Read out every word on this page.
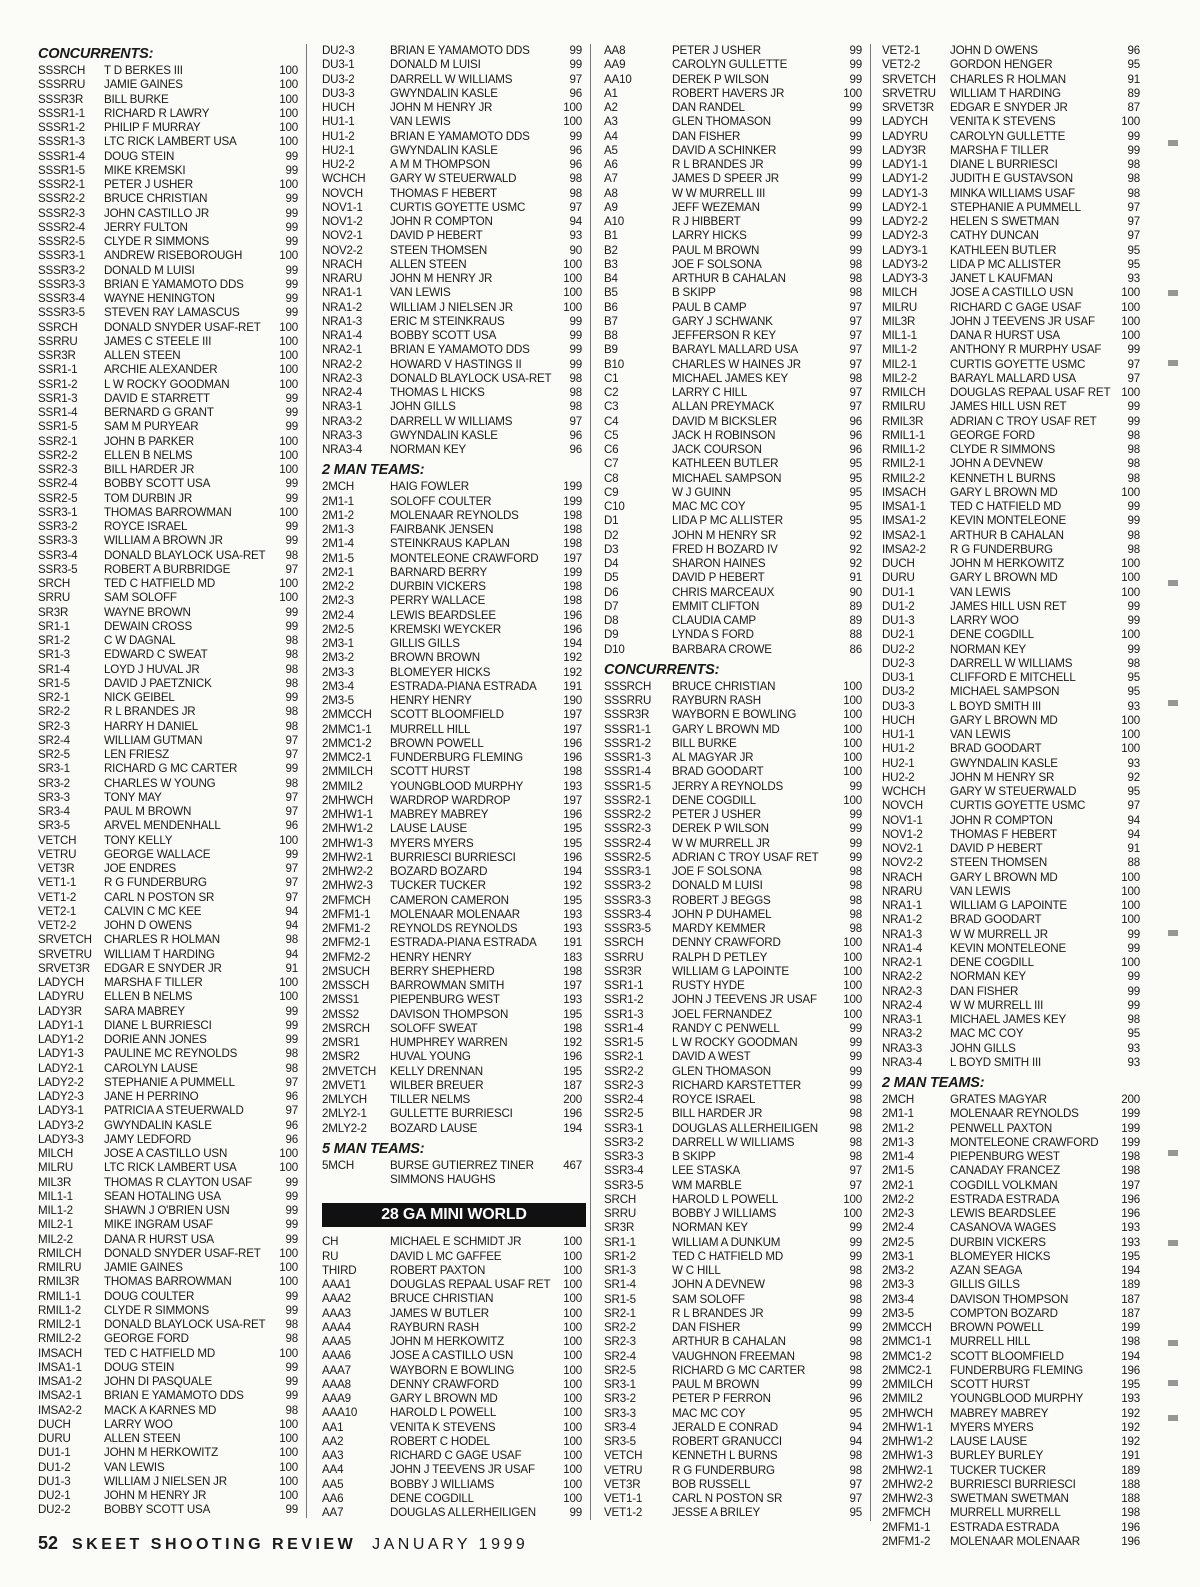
CONCURRENTS:
SSSRCH	T D BERKES III	100
SSSRRU	JAMIE GAINES	100
SSSR3R	BILL BURKE	100
SSSR1-1	RICHARD R LAWRY	100
SSSR1-2	PHILIP F MURRAY	100
SSSR1-3	LTC RICK LAMBERT USA	100
SSSR1-4	DOUG STEIN	99
SSSR1-5	MIKE KREMSKI	99
SSSR2-1	PETER J USHER	100
SSSR2-2	BRUCE CHRISTIAN	99
SSSR2-3	JOHN CASTILLO JR	99
SSSR2-4	JERRY FULTON	99
SSSR2-5	CLYDE R SIMMONS	99
SSSR3-1	ANDREW RISEBOROUGH	100
SSSR3-2	DONALD M LUISI	99
SSSR3-3	BRIAN E YAMAMOTO DDS	99
SSSR3-4	WAYNE HENINGTON	99
SSSR3-5	STEVEN RAY LAMASCUS	99
SSRCH	DONALD SNYDER USAF-RET	100
SSRRU	JAMES C STEELE III	100
SSR3R	ALLEN STEEN	100
SSR1-1	ARCHIE ALEXANDER	100
SSR1-2	L W ROCKY GOODMAN	100
SSR1-3	DAVID E STARRETT	99
SSR1-4	BERNARD G GRANT	99
SSR1-5	SAM M PURYEAR	99
SSR2-1	JOHN B PARKER	100
SSR2-2	ELLEN B NELMS	100
SSR2-3	BILL HARDER JR	100
SSR2-4	BOBBY SCOTT USA	99
SSR2-5	TOM DURBIN JR	99
SSR3-1	THOMAS BARROWMAN	100
SSR3-2	ROYCE ISRAEL	99
SSR3-3	WILLIAM A BROWN JR	99
SSR3-4	DONALD BLAYLOCK USA-RET	98
SSR3-5	ROBERT A BURBRIDGE	97
SRCH	TED C HATFIELD MD	100
SRRU	SAM SOLOFF	100
SR3R	WAYNE BROWN	99
SR1-1	DEWAIN CROSS	99
SR1-2	C W DAGNAL	98
SR1-3	EDWARD C SWEAT	98
SR1-4	LOYD J HUVAL JR	98
SR1-5	DAVID J PAETZNICK	98
SR2-1	NICK GEIBEL	99
SR2-2	R L BRANDES JR	98
SR2-3	HARRY H DANIEL	98
SR2-4	WILLIAM GUTMAN	97
SR2-5	LEN FRIESZ	97
SR3-1	RICHARD G MC CARTER	99
SR3-2	CHARLES W YOUNG	98
SR3-3	TONY MAY	97
SR3-4	PAUL M BROWN	97
SR3-5	ARVEL MENDENHALL	96
VETCH	TONY KELLY	100
VETRU	GEORGE WALLACE	99
VET3R	JOE ENDRES	97
VET1-1	R G FUNDERBURG	97
VET1-2	CARL N POSTON SR	97
VET2-1	CALVIN C MC KEE	94
VET2-2	JOHN D OWENS	94
SRVETCH	CHARLES R HOLMAN	98
SRVETRU	WILLIAM T HARDING	94
SRVET3R	EDGAR E SNYDER JR	91
LADYCH	MARSHA F TILLER	100
LADYRU	ELLEN B NELMS	100
LADY3R	SARA MABREY	99
LADY1-1	DIANE L BURRIESCI	99
LADY1-2	DORIE ANN JONES	99
LADY1-3	PAULINE MC REYNOLDS	98
LADY2-1	CAROLYN LAUSE	98
LADY2-2	STEPHANIE A PUMMELL	97
LADY2-3	JANE H PERRINO	96
LADY3-1	PATRICIA A STEUERWALD	97
LADY3-2	GWYNDALIN KASLE	96
LADY3-3	JAMY LEDFORD	96
MILCH	JOSE A CASTILLO USN	100
MILRU	LTC RICK LAMBERT USA	100
MIL3R	THOMAS R CLAYTON USAF	99
MIL1-1	SEAN HOTALING USA	99
MIL1-2	SHAWN J O'BRIEN USN	99
MIL2-1	MIKE INGRAM USAF	99
MIL2-2	DANA R HURST USA	99
RMILCH	DONALD SNYDER USAF-RET	100
RMILRU	JAMIE GAINES	100
RMIL3R	THOMAS BARROWMAN	100
RMIL1-1	DOUG COULTER	99
RMIL1-2	CLYDE R SIMMONS	99
RMIL2-1	DONALD BLAYLOCK USA-RET	98
RMIL2-2	GEORGE FORD	98
IMSACH	TED C HATFIELD MD	100
IMSA1-1	DOUG STEIN	99
IMSA1-2	JOHN DI PASQUALE	99
IMSA2-1	BRIAN E YAMAMOTO DDS	99
IMSA2-2	MACK A KARNES MD	98
DUCH	LARRY WOO	100
DURU	ALLEN STEEN	100
DU1-1	JOHN M HERKOWITZ	100
DU1-2	VAN LEWIS	100
DU1-3	WILLIAM J NIELSEN JR	100
DU2-1	JOHN M HENRY JR	100
DU2-2	BOBBY SCOTT USA	99
DU2-3	BRIAN E YAMAMOTO DDS	99
DU3-1	DONALD M LUISI	99
DU3-2	DARRELL W WILLIAMS	97
DU3-3	GWYNDALIN KASLE	96
HUCH	JOHN M HENRY JR	100
HU1-1	VAN LEWIS	100
HU1-2	BRIAN E YAMAMOTO DDS	99
HU2-1	GWYNDALIN KASLE	96
HU2-2	A M M THOMPSON	96
WCHCH	GARY W STEUERWALD	98
NOVCH	THOMAS F HEBERT	98
NOV1-1	CURTIS GOYETTE USMC	97
NOV1-2	JOHN R COMPTON	94
NOV2-1	DAVID P HEBERT	93
NOV2-2	STEEN THOMSEN	90
NRACH	ALLEN STEEN	100
NRARU	JOHN M HENRY JR	100
NRA1-1	VAN LEWIS	100
NRA1-2	WILLIAM J NIELSEN JR	100
NRA1-3	ERIC M STEINKRAUS	99
NRA1-4	BOBBY SCOTT USA	99
NRA2-1	BRIAN E YAMAMOTO DDS	99
NRA2-2	HOWARD V HASTINGS II	99
NRA2-3	DONALD BLAYLOCK USA-RET	98
NRA2-4	THOMAS L HICKS	98
NRA3-1	JOHN GILLS	98
NRA3-2	DARRELL W WILLIAMS	97
NRA3-3	GWYNDALIN KASLE	96
NRA3-4	NORMAN KEY	96
2 MAN TEAMS:
2MCH	HAIG FOWLER	199
2M1-1	SOLOFF COULTER	199
2M1-2	MOLENAAR REYNOLDS	198
2M1-3	FAIRBANK JENSEN	198
2M1-4	STEINKRAUS KAPLAN	198
2M1-5	MONTELEONE CRAWFORD	197
2M2-1	BARNARD BERRY	199
2M2-2	DURBIN VICKERS	198
2M2-3	PERRY WALLACE	198
2M2-4	LEWIS BEARDSLEE	196
2M2-5	KREMSKI WEYCKER	196
2M3-1	GILLIS GILLS	194
2M3-2	BROWN BROWN	192
2M3-3	BLOMEYER HICKS	192
2M3-4	ESTRADA-PIANA ESTRADA	191
2M3-5	HENRY HENRY	190
2MMCCH	SCOTT BLOOMFIELD	197
2MMC1-1	MURRELL HILL	197
2MMC1-2	BROWN POWELL	196
2MMC2-1	FUNDERBURG FLEMING	196
2MMILCH	SCOTT HURST	198
2MMIL2	YOUNGBLOOD MURPHY	193
2MHWCH	WARDROP WARDROP	197
2MHW1-1	MABREY MABREY	196
2MHW1-2	LAUSE LAUSE	195
2MHW1-3	MYERS MYERS	195
2MHW2-1	BURRIESCI BURRIESCI	196
2MHW2-2	BOZARD BOZARD	194
2MHW2-3	TUCKER TUCKER	192
2MFMCH	CAMERON CAMERON	195
2MFM1-1	MOLENAAR MOLENAAR	193
2MFM1-2	REYNOLDS REYNOLDS	193
2MFM2-1	ESTRADA-PIANA ESTRADA	191
2MFM2-2	HENRY HENRY	183
2MSUCH	BERRY SHEPHERD	198
2MSSCH	BARROWMAN SMITH	197
2MSS1	PIEPENBURG WEST	193
2MSS2	DAVISON THOMPSON	195
2MSRCH	SOLOFF SWEAT	198
2MSR1	HUMPHREY WARREN	192
2MSR2	HUVAL YOUNG	196
2MVETCH	KELLY DRENNAN	195
2MVET1	WILBER BREUER	187
2MLYCH	TILLER NELMS	200
2MLY2-1	GULLETTE BURRIESCI	196
2MLY2-2	BOZARD LAUSE	194
5 MAN TEAMS:
5MCH	BURSE GUTIERREZ TINER	467
SIMMONS HAUGHS
28 GA MINI WORLD
CH	MICHAEL E SCHMIDT JR	100
RU	DAVID L MC GAFFEE	100
THIRD	ROBERT PAXTON	100
AAA1	DOUGLAS REPAAL USAF RET	100
AAA2	BRUCE CHRISTIAN	100
AAA3	JAMES W BUTLER	100
AAA4	RAYBURN RASH	100
AAA5	JOHN M HERKOWITZ	100
AAA6	JOSE A CASTILLO USN	100
AAA7	WAYBORN E BOWLING	100
AAA8	DENNY CRAWFORD	100
AAA9	GARY L BROWN MD	100
AAA10	HAROLD L POWELL	100
AA1	VENITA K STEVENS	100
AA2	ROBERT C HODEL	100
AA3	RICHARD C GAGE USAF	100
AA4	JOHN J TEEVENS JR USAF	100
AA5	BOBBY J WILLIAMS	100
AA6	DENE COGDILL	100
AA7	DOUGLAS ALLERHEILIGEN	99
AA8	PETER J USHER	99
AA9	CAROLYN GULLETTE	99
AA10	DEREK P WILSON	99
A1	ROBERT HAVERS JR	100
A2	DAN RANDEL	99
A3	GLEN THOMASON	99
A4	DAN FISHER	99
A5	DAVID A SCHINKER	99
A6	R L BRANDES JR	99
A7	JAMES D SPEER JR	99
A8	W W MURRELL III	99
A9	JEFF WEZEMAN	99
A10	R J HIBBERT	99
B1	LARRY HICKS	99
B2	PAUL M BROWN	99
B3	JOE F SOLSONA	98
B4	ARTHUR B CAHALAN	98
B5	B SKIPP	98
B6	PAUL B CAMP	97
B7	GARY J SCHWANK	97
B8	JEFFERSON R KEY	97
B9	BARAYL MALLARD USA	97
B10	CHARLES W HAINES JR	97
C1	MICHAEL JAMES KEY	98
C2	LARRY C HILL	97
C3	ALLAN PREYMACK	97
C4	DAVID M BICKSLER	96
C5	JACK H ROBINSON	96
C6	JACK COURSON	96
C7	KATHLEEN BUTLER	95
C8	MICHAEL SAMPSON	95
C9	W J GUINN	95
C10	MAC MC COY	95
D1	LIDA P MC ALLISTER	95
D2	JOHN M HENRY SR	92
D3	FRED H BOZARD IV	92
D4	SHARON HAINES	92
D5	DAVID P HEBERT	91
D6	CHRIS MARCEAUX	90
D7	EMMIT CLIFTON	89
D8	CLAUDIA CAMP	89
D9	LYNDA S FORD	88
D10	BARBARA CROWE	86
CONCURRENTS:
SSSRCH	BRUCE CHRISTIAN	100
SSSRRU	RAYBURN RASH	100
SSSR3R	WAYBORN E BOWLING	100
SSSR1-1	GARY L BROWN MD	100
SSSR1-2	BILL BURKE	100
SSSR1-3	AL MAGYAR JR	100
SSSR1-4	BRAD GOODART	100
SSSR1-5	JERRY A REYNOLDS	99
SSSR2-1	DENE COGDILL	100
SSSR2-2	PETER J USHER	99
SSSR2-3	DEREK P WILSON	99
SSSR2-4	W W MURRELL JR	99
SSSR2-5	ADRIAN C TROY USAF RET	99
SSSR3-1	JOE F SOLSONA	98
SSSR3-2	DONALD M LUISI	98
SSSR3-3	ROBERT J BEGGS	98
SSSR3-4	JOHN P DUHAMEL	98
SSSR3-5	MARDY KEMMER	98
SSRCH	DENNY CRAWFORD	100
SSRRU	RALPH D PETLEY	100
SSR3R	WILLIAM G LAPOINTE	100
SSR1-1	RUSTY HYDE	100
SSR1-2	JOHN J TEEVENS JR USAF	100
SSR1-3	JOEL FERNANDEZ	100
SSR1-4	RANDY C PENWELL	99
SSR1-5	L W ROCKY GOODMAN	99
SSR2-1	DAVID A WEST	99
SSR2-2	GLEN THOMASON	99
SSR2-3	RICHARD KARSTETTER	99
SSR2-4	ROYCE ISRAEL	98
SSR2-5	BILL HARDER JR	98
SSR3-1	DOUGLAS ALLERHEILIGEN	98
SSR3-2	DARRELL W WILLIAMS	98
SSR3-3	B SKIPP	98
SSR3-4	LEE STASKA	97
SSR3-5	WM MARBLE	97
SRCH	HAROLD L POWELL	100
SRRU	BOBBY J WILLIAMS	100
SR3R	NORMAN KEY	99
SR1-1	WILLIAM A DUNKUM	99
SR1-2	TED C HATFIELD MD	99
SR1-3	W C HILL	98
SR1-4	JOHN A DEVNEW	98
SR1-5	SAM SOLOFF	98
SR2-1	R L BRANDES JR	99
SR2-2	DAN FISHER	99
SR2-3	ARTHUR B CAHALAN	98
SR2-4	VAUGHNON FREEMAN	98
SR2-5	RICHARD G MC CARTER	98
SR3-1	PAUL M BROWN	99
SR3-2	PETER P FERRON	96
SR3-3	MAC MC COY	95
SR3-4	JERALD E CONRAD	94
SR3-5	ROBERT GRANUCCI	94
VETCH	KENNETH L BURNS	98
VETRU	R G FUNDERBURG	98
VET3R	BOB RUSSELL	97
VET1-1	CARL N POSTON SR	97
VET1-2	JESSE A BRILEY	95
VET2-1	JOHN D OWENS	96
VET2-2	GORDON HENGER	95
SRVETCH	CHARLES R HOLMAN	91
SRVETRU	WILLIAM T HARDING	89
SRVET3R	EDGAR E SNYDER JR	87
LADYCH	VENITA K STEVENS	100
LADYRU	CAROLYN GULLETTE	99
LADY3R	MARSHA F TILLER	99
LADY1-1	DIANE L BURRIESCI	98
LADY1-2	JUDITH E GUSTAVSON	98
LADY1-3	MINKA WILLIAMS USAF	98
LADY2-1	STEPHANIE A PUMMELL	97
LADY2-2	HELEN S SWETMAN	97
LADY2-3	CATHY DUNCAN	97
LADY3-1	KATHLEEN BUTLER	95
LADY3-2	LIDA P MC ALLISTER	95
LADY3-3	JANET L KAUFMAN	93
MILCH	JOSE A CASTILLO USN	100
MILRU	RICHARD C GAGE USAF	100
MIL3R	JOHN J TEEVENS JR USAF	100
MIL1-1	DANA R HURST USA	100
MIL1-2	ANTHONY R MURPHY USAF	99
MIL2-1	CURTIS GOYETTE USMC	97
MIL2-2	BARAYL MALLARD USA	97
RMILCH	DOUGLAS REPAAL USAF RET 100
RMILRU	JAMES HILL USN RET	99
RMIL3R	ADRIAN C TROY USAF RET	99
RMIL1-1	GEORGE FORD	98
RMIL1-2	CLYDE R SIMMONS	98
RMIL2-1	JOHN A DEVNEW	98
RMIL2-2	KENNETH L BURNS	98
IMSACH	GARY L BROWN MD	100
IMSA1-1	TED C HATFIELD MD	99
IMSA1-2	KEVIN MONTELEONE	99
IMSA2-1	ARTHUR B CAHALAN	98
IMSA2-2	R G FUNDERBURG	98
DUCH	JOHN M HERKOWITZ	100
DURU	GARY L BROWN MD	100
DU1-1	VAN LEWIS	100
DU1-2	JAMES HILL USN RET	99
DU1-3	LARRY WOO	99
DU2-1	DENE COGDILL	100
DU2-2	NORMAN KEY	99
DU2-3	DARRELL W WILLIAMS	98
DU3-1	CLIFFORD E MITCHELL	95
DU3-2	MICHAEL SAMPSON	95
DU3-3	L BOYD SMITH III	93
HUCH	GARY L BROWN MD	100
HU1-1	VAN LEWIS	100
HU1-2	BRAD GOODART	100
HU2-1	GWYNDALIN KASLE	93
HU2-2	JOHN M HENRY SR	92
WCHCH	GARY W STEUERWALD	95
NOVCH	CURTIS GOYETTE USMC	97
NOV1-1	JOHN R COMPTON	94
NOV1-2	THOMAS F HEBERT	94
NOV2-1	DAVID P HEBERT	91
NOV2-2	STEEN THOMSEN	88
NRACH	GARY L BROWN MD	100
NRARU	VAN LEWIS	100
NRA1-1	WILLIAM G LAPOINTE	100
NRA1-2	BRAD GOODART	100
NRA1-3	W W MURRELL JR	99
NRA1-4	KEVIN MONTELEONE	99
NRA2-1	DENE COGDILL	100
NRA2-2	NORMAN KEY	99
NRA2-3	DAN FISHER	99
NRA2-4	W W MURRELL III	99
NRA3-1	MICHAEL JAMES KEY	98
NRA3-2	MAC MC COY	95
NRA3-3	JOHN GILLS	93
NRA3-4	L BOYD SMITH III	93
2 MAN TEAMS:
2MCH	GRATES MAGYAR	200
2M1-1	MOLENAAR REYNOLDS	199
2M1-2	PENWELL PAXTON	199
2M1-3	MONTELEONE CRAWFORD	199
2M1-4	PIEPENBURG WEST	198
2M1-5	CANADAY FRANCEZ	198
2M2-1	COGDILL VOLKMAN	197
2M2-2	ESTRADA ESTRADA	196
2M2-3	LEWIS BEARDSLEE	196
2M2-4	CASANOVA WAGES	193
2M2-5	DURBIN VICKERS	193
2M3-1	BLOMEYER HICKS	195
2M3-2	AZAN SEAGA	194
2M3-3	GILLIS GILLS	189
2M3-4	DAVISON THOMPSON	187
2M3-5	COMPTON BOZARD	187
2MMCCH	BROWN POWELL	199
2MMC1-1	MURRELL HILL	198
2MMC1-2	SCOTT BLOOMFIELD	194
2MMC2-1	FUNDERBURG FLEMING	196
2MMILCH	SCOTT HURST	195
2MMIL2	YOUNGBLOOD MURPHY	193
2MHWCH	MABREY MABREY	192
2MHW1-1	MYERS MYERS	192
2MHW1-2	LAUSE LAUSE	192
2MHW1-3	BURLEY BURLEY	191
2MHW2-1	TUCKER TUCKER	189
2MHW2-2	BURRIESCI BURRIESCI	188
2MHW2-3	SWETMAN SWETMAN	188
2MFMCH	MURRELL MURRELL	198
2MFM1-1	ESTRADA ESTRADA	196
2MFM1-2	MOLENAAR MOLENAAR	196
52 SKEET SHOOTING REVIEW JANUARY 1999
